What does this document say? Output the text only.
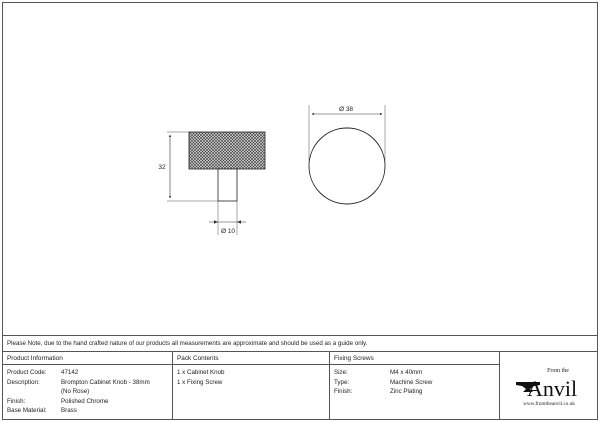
32
Ø 10
Ø 38
Please Note, due to the hand crafted nature of our products all measurements are approximate and should be used as a guide only.
Product Information
Product Code: 47142
Description:	Brompton Cabinet Knob - 38mm
(No Rose)
Finish:	Polished Chrome
Base Material: Brass
Pack Contents
1 x Cabinet Knob
1 x Fixing Screw
Fixing Screws
Size:	M4 x 40mm
Type:	Machine Screw
Finish:	Zinc Plating
From the
Anvil
www.fromtheanvil.co.uk
